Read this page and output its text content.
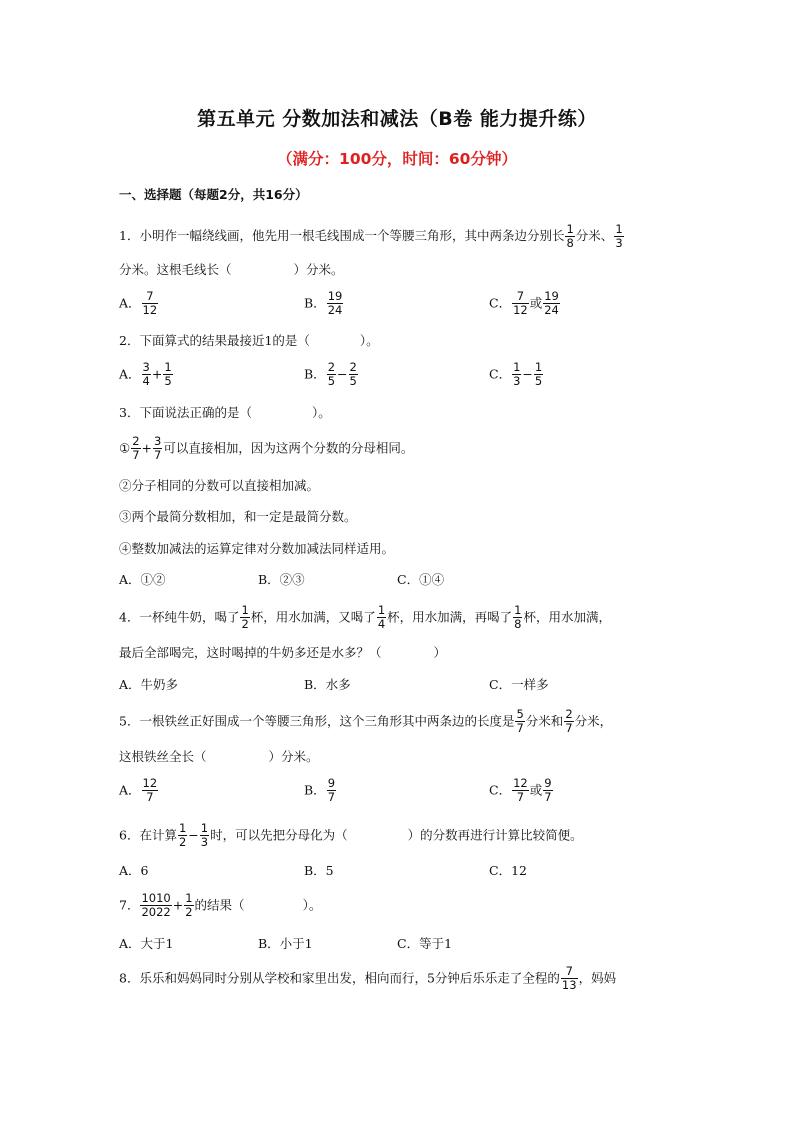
第五单元 分数加法和减法（B卷 能力提升练）
（满分：100分，时间：60分钟）
一、选择题（每题2分，共16分）
1．小明作一幅绕线画，他先用一根毛线围成一个等腰三角形，其中两条边分别长 $\frac{1}{8}$ 分米、 $\frac{1}{3}$
分米。这根毛线长（	）分米。
A． $\frac{7}{12}$	B． $\frac{19}{24}$	C． $\frac{7}{12}$ 或 $\frac{19}{24}$
2．下面算式的结果最接近1的是（	）。
A． $\frac{3}{4} + \frac{1}{5}$	B． $\frac{2}{5} - \frac{2}{5}$	C． $\frac{1}{3} - \frac{1}{5}$
3．下面说法正确的是（	）。
① $\frac{2}{7} + \frac{3}{7}$ 可以直接相加，因为这两个分数的分母相同。
②分子相同的分数可以直接相加减。
③两个最简分数相加，和一定是最简分数。
④整数加减法的运算定律对分数加减法同样适用。
A．①②	B．②③	C．①④
4．一杯纯牛奶，喝了 $\frac{1}{2}$ 杯，用水加满，又喝了 $\frac{1}{4}$ 杯，用水加满，再喝了 $\frac{1}{8}$ 杯，用水加满，
最后全部喝完，这时喝掉的牛奶多还是水多？（	）
A．牛奶多	B．水多	C．一样多
5．一根铁丝正好围成一个等腰三角形，这个三角形其中两条边的长度是 $\frac{5}{7}$ 分米和 $\frac{2}{7}$ 分米，
这根铁丝全长（	）分米。
A． $\frac{12}{7}$	B． $\frac{9}{7}$	C． $\frac{12}{7}$ 或 $\frac{9}{7}$
6．在计算 $\frac{1}{2} - \frac{1}{3}$ 时，可以先把分母化为（	）的分数再进行计算比较简便。
A．6	B．5	C．12
7． $\frac{1010}{2022} + \frac{1}{2}$ 的结果（	）。
A．大于1	B．小于1	C．等于1
8．乐乐和妈妈同时分别从学校和家里出发，相向而行，5分钟后乐乐走了全程的 $\frac{7}{13}$ ，妈妈
